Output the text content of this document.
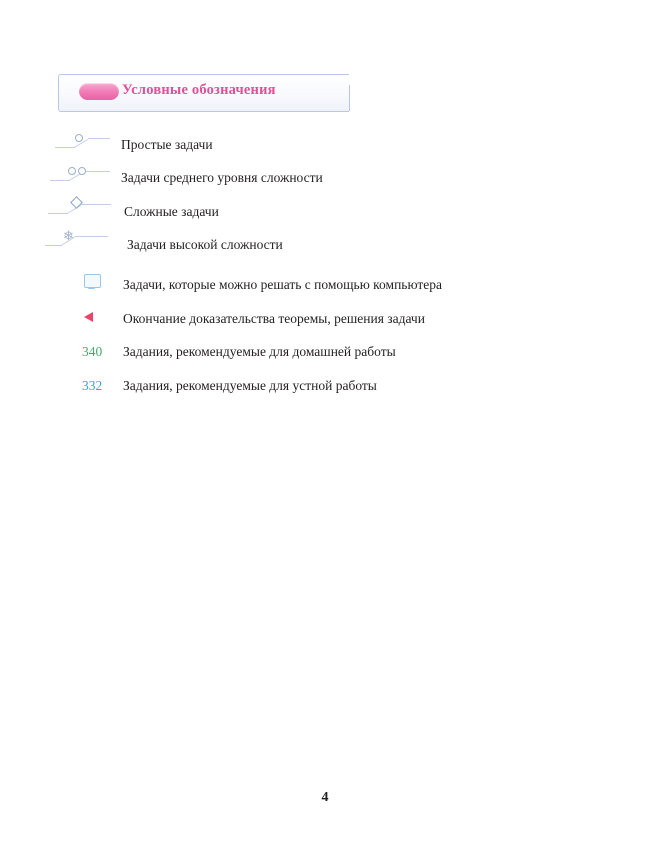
Условные обозначения
Простые задачи
Задачи среднего уровня сложности
Сложные задачи
❄
Задачи высокой сложности
Задачи, которые можно решать с помощью компьютера
Окончание доказательства теоремы, решения задачи
340 Задания, рекомендуемые для домашней работы
332 Задания, рекомендуемые для устной работы
4
